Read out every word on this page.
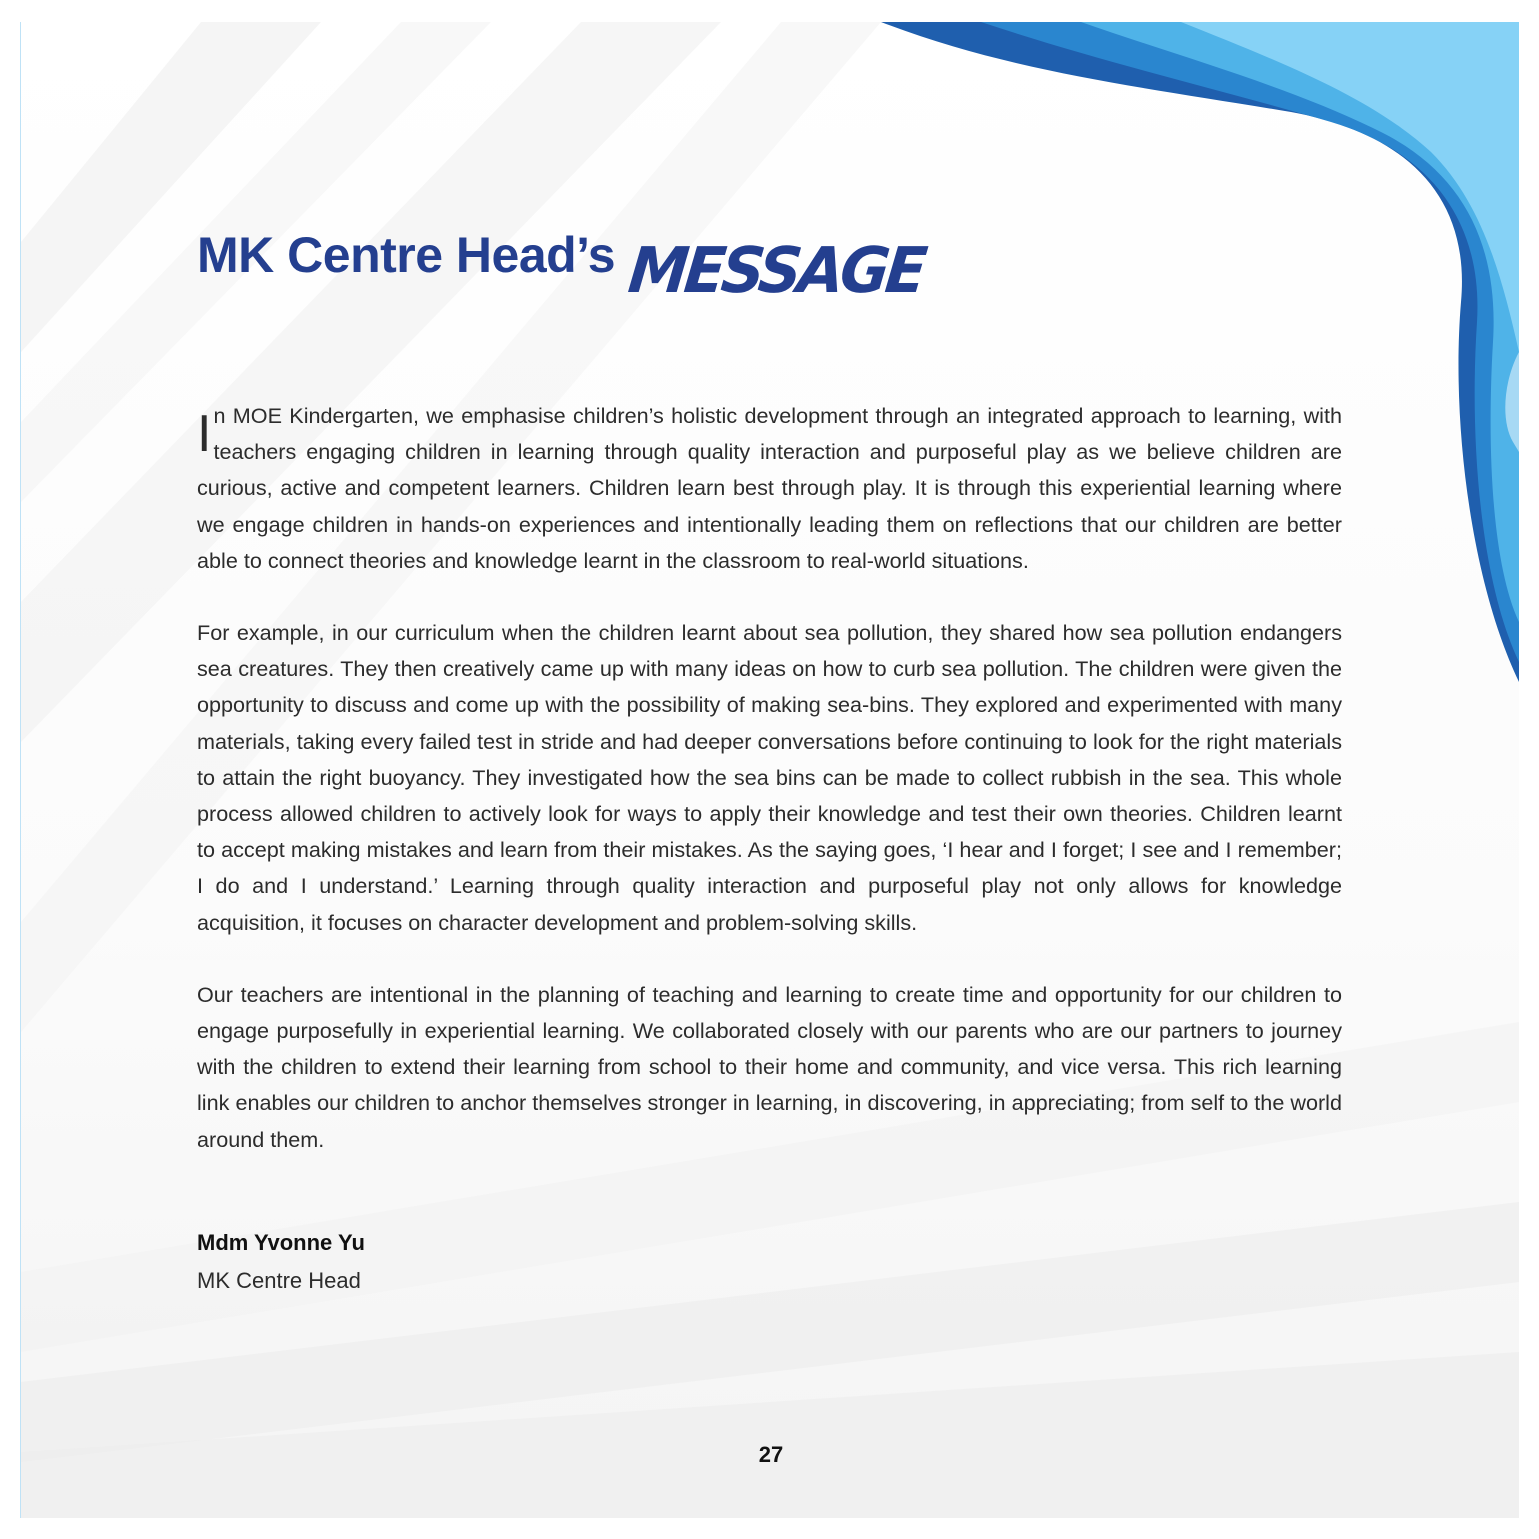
MK Centre Head’s MESSAGE

In MOE Kindergarten, we emphasise children’s holistic development through an integrated approach to learning, with teachers engaging children in learning through quality interaction and purposeful play as we believe children are curious, active and competent learners. Children learn best through play. It is through this experiential learning where we engage children in hands-on experiences and intentionally leading them on reflections that our children are better able to connect theories and knowledge learnt in the classroom to real-world situations.

For example, in our curriculum when the children learnt about sea pollution, they shared how sea pollution endangers sea creatures. They then creatively came up with many ideas on how to curb sea pollution. The children were given the opportunity to discuss and come up with the possibility of making sea-bins. They explored and experimented with many materials, taking every failed test in stride and had deeper conversations before continuing to look for the right materials to attain the right buoyancy. They investigated how the sea bins can be made to collect rubbish in the sea. This whole process allowed children to actively look for ways to apply their knowledge and test their own theories. Children learnt to accept making mistakes and learn from their mistakes. As the saying goes, ‘I hear and I forget; I see and I remember; I do and I understand.’ Learning through quality interaction and purposeful play not only allows for knowledge acquisition, it focuses on character development and problem-solving skills.

Our teachers are intentional in the planning of teaching and learning to create time and opportunity for our children to engage purposefully in experiential learning. We collaborated closely with our parents who are our partners to journey with the children to extend their learning from school to their home and community, and vice versa. This rich learning link enables our children to anchor themselves stronger in learning, in discovering, in appreciating; from self to the world around them.

Mdm Yvonne Yu
MK Centre Head
27
